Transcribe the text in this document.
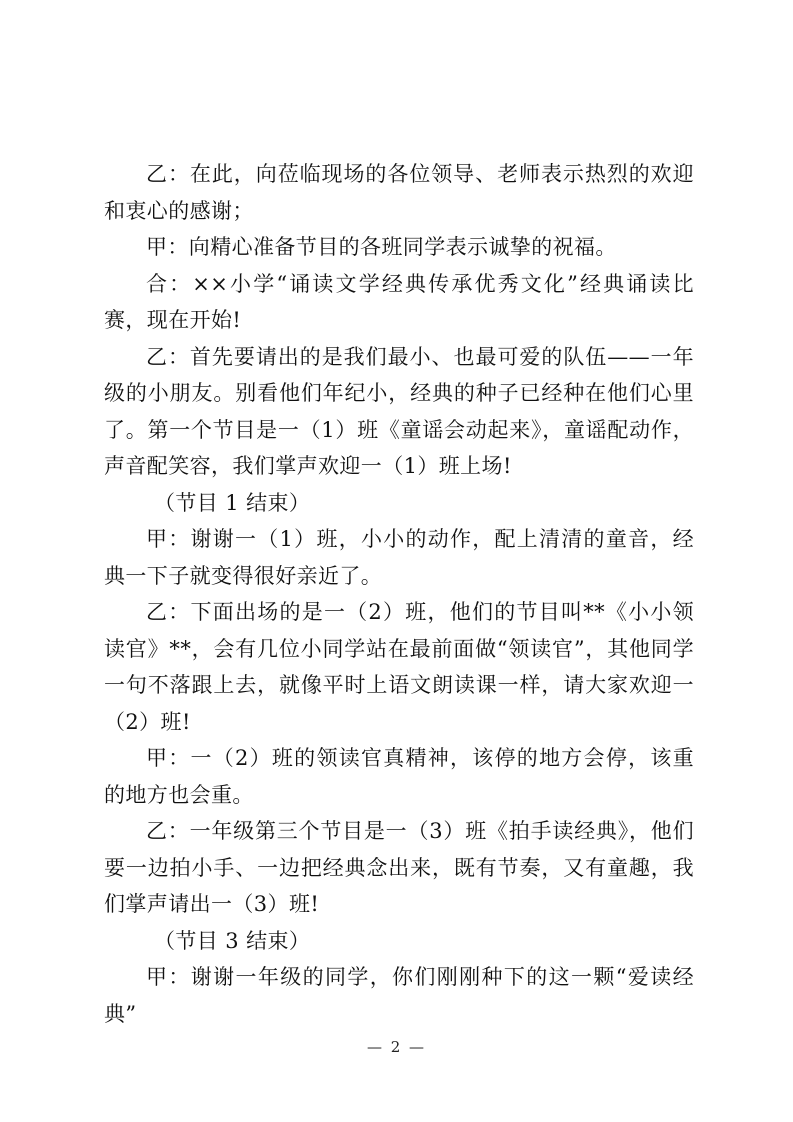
乙：在此，向莅临现场的各位领导、老师表示热烈的欢迎和衷心的感谢；

甲：向精心准备节目的各班同学表示诚挚的祝福。

合：××小学“诵读文学经典传承优秀文化”经典诵读比赛，现在开始!

乙：首先要请出的是我们最小、也最可爱的队伍——一年级的小朋友。别看他们年纪小，经典的种子已经种在他们心里了。第一个节目是一（1）班《童谣会动起来》，童谣配动作，声音配笑容，我们掌声欢迎一（1）班上场!

（节目 1 结束）

甲：谢谢一（1）班，小小的动作，配上清清的童音，经典一下子就变得很好亲近了。

乙：下面出场的是一（2）班，他们的节目叫**《小小领读官》**，会有几位小同学站在最前面做“领读官”，其他同学一句不落跟上去，就像平时上语文朗读课一样，请大家欢迎一（2）班!

甲：一（2）班的领读官真精神，该停的地方会停，该重的地方也会重。

乙：一年级第三个节目是一（3）班《拍手读经典》，他们要一边拍小手、一边把经典念出来，既有节奏，又有童趣，我们掌声请出一（3）班!

（节目 3 结束）

甲：谢谢一年级的同学，你们刚刚种下的这一颗“爱读经典”

— 2 —
